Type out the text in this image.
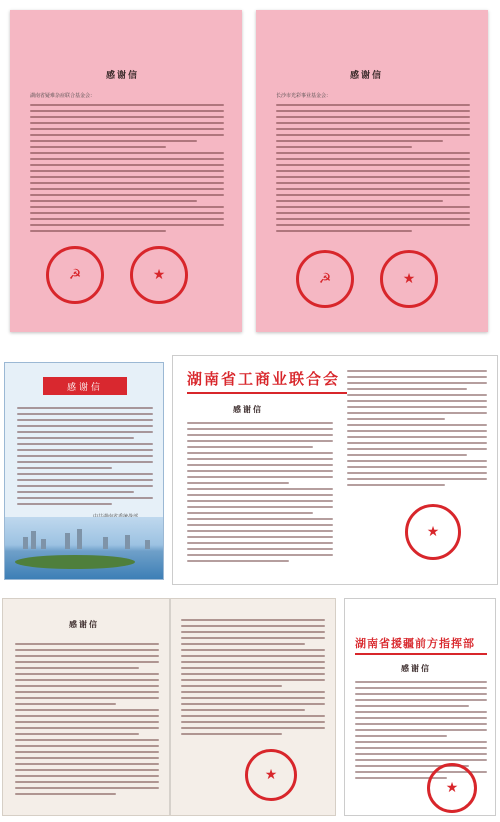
感谢信
湖南省疑难杂症联合基金会：
☭	★
感谢信
长沙市光彩事业基金会：
☭	★
感谢信	湖南省工商业联合会
感谢信
★
感谢信
★
湖南省援疆前方指挥部
感谢信
★
